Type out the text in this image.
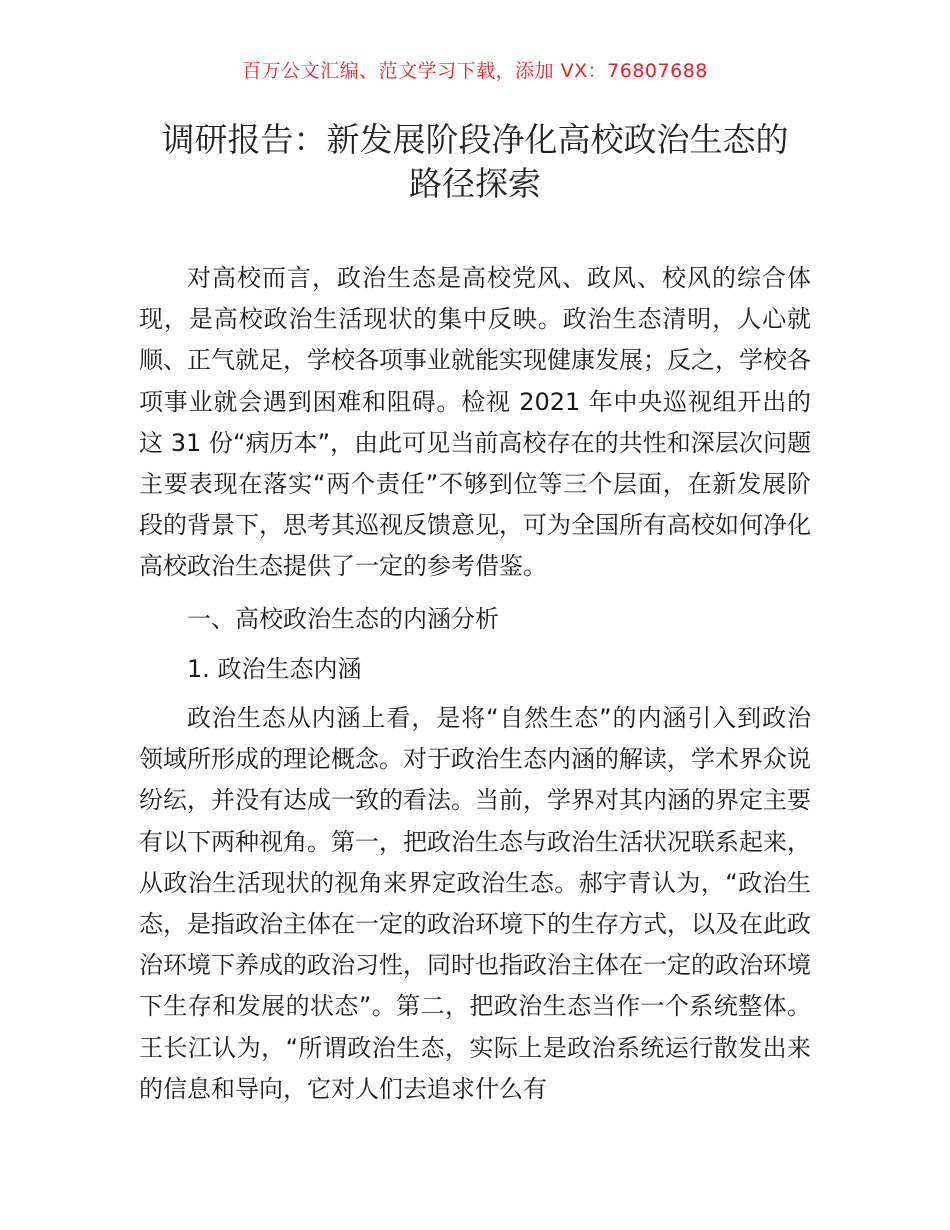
百万公文汇编、范文学习下载，添加 VX：76807688
调研报告：新发展阶段净化高校政治生态的
路径探索

对高校而言，政治生态是高校党风、政风、校风的综合体现，是高校政治生活现状的集中反映。政治生态清明，人心就顺、正气就足，学校各项事业就能实现健康发展；反之，学校各项事业就会遇到困难和阻碍。检视 2021 年中央巡视组开出的这 31 份“病历本”，由此可见当前高校存在的共性和深层次问题主要表现在落实“两个责任”不够到位等三个层面，在新发展阶段的背景下，思考其巡视反馈意见，可为全国所有高校如何净化高校政治生态提供了一定的参考借鉴。

一、高校政治生态的内涵分析

1. 政治生态内涵

政治生态从内涵上看，是将“自然生态”的内涵引入到政治领域所形成的理论概念。对于政治生态内涵的解读，学术界众说纷纭，并没有达成一致的看法。当前，学界对其内涵的界定主要有以下两种视角。第一，把政治生态与政治生活状况联系起来，从政治生活现状的视角来界定政治生态。郝宇青认为，“政治生态，是指政治主体在一定的政治环境下的生存方式，以及在此政治环境下养成的政治习性，同时也指政治主体在一定的政治环境下生存和发展的状态”。第二，把政治生态当作一个系统整体。王长江认为，“所谓政治生态，实际上是政治系统运行散发出来的信息和导向，它对人们去追求什么有
